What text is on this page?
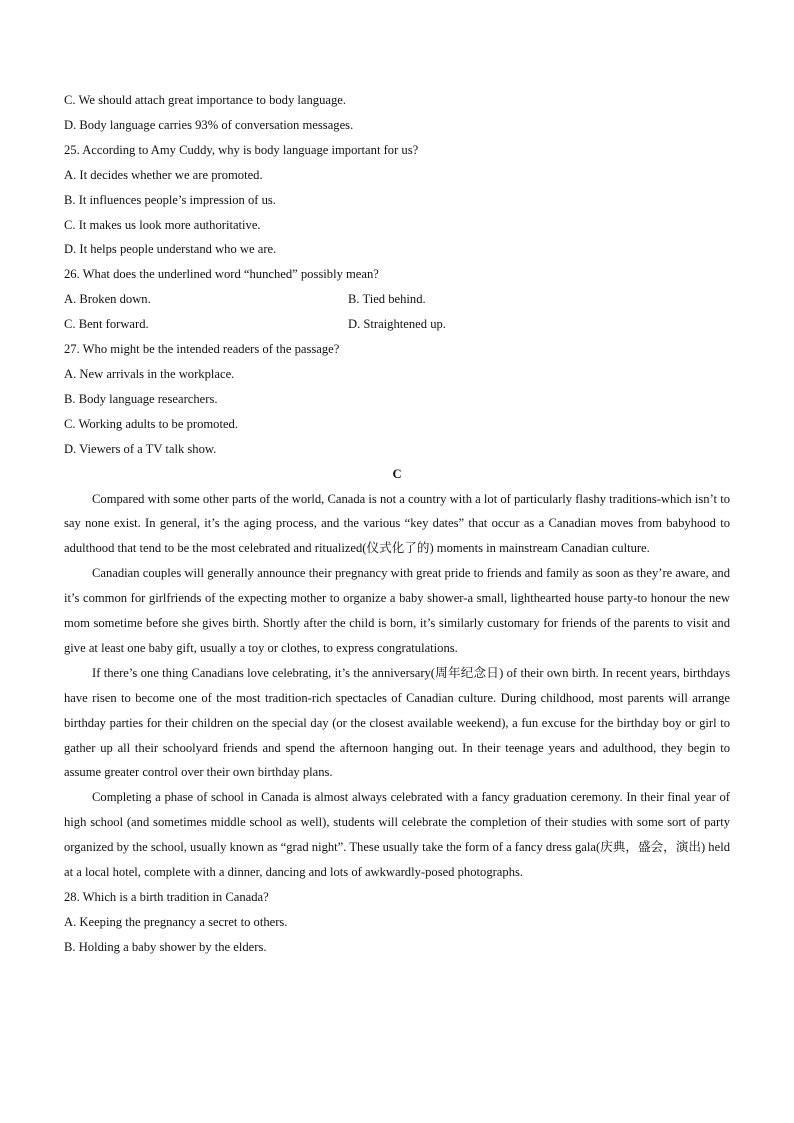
C. We should attach great importance to body language.

D. Body language carries 93% of conversation messages.

25. According to Amy Cuddy, why is body language important for us?

A. It decides whether we are promoted.

B. It influences people’s impression of us.

C. It makes us look more authoritative.

D. It helps people understand who we are.

26. What does the underlined word “hunched” possibly mean?

A. Broken down.	B. Tied behind.
C. Bent forward.	D. Straightened up.

27. Who might be the intended readers of the passage?

A. New arrivals in the workplace.

B. Body language researchers.

C. Working adults to be promoted.

D. Viewers of a TV talk show.

C

Compared with some other parts of the world, Canada is not a country with a lot of particularly flashy traditions-which isn’t to say none exist. In general, it’s the aging process, and the various “key dates” that occur as a Canadian moves from babyhood to adulthood that tend to be the most celebrated and ritualized(仪式化了的) moments in mainstream Canadian culture.

Canadian couples will generally announce their pregnancy with great pride to friends and family as soon as they’re aware, and it’s common for girlfriends of the expecting mother to organize a baby shower-a small, lighthearted house party-to honour the new mom sometime before she gives birth. Shortly after the child is born, it’s similarly customary for friends of the parents to visit and give at least one baby gift, usually a toy or clothes, to express congratulations.

If there’s one thing Canadians love celebrating, it’s the anniversary(周年纪念日) of their own birth. In recent years, birthdays have risen to become one of the most tradition-rich spectacles of Canadian culture. During childhood, most parents will arrange birthday parties for their children on the special day (or the closest available weekend), a fun excuse for the birthday boy or girl to gather up all their schoolyard friends and spend the afternoon hanging out. In their teenage years and adulthood, they begin to assume greater control over their own birthday plans.

Completing a phase of school in Canada is almost always celebrated with a fancy graduation ceremony. In their final year of high school (and sometimes middle school as well), students will celebrate the completion of their studies with some sort of party organized by the school, usually known as “grad night”. These usually take the form of a fancy dress gala(庆典，盛会，演出) held at a local hotel, complete with a dinner, dancing and lots of awkwardly-posed photographs.

28. Which is a birth tradition in Canada?

A. Keeping the pregnancy a secret to others.

B. Holding a baby shower by the elders.
